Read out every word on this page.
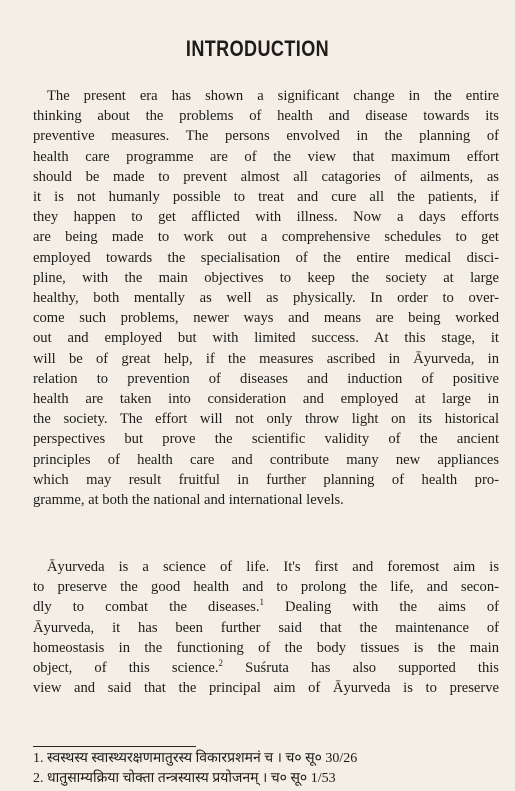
INTRODUCTION
The present era has shown a significant change in the entire
thinking about the problems of health and disease towards its
preventive measures. The persons envolved in the planning of
health care programme are of the view that maximum effort
should be made to prevent almost all catagories of ailments, as
it is not humanly possible to treat and cure all the patients, if
they happen to get afflicted with illness. Now a days efforts
are being made to work out a comprehensive schedules to get
employed towards the specialisation of the entire medical disci-
pline, with the main objectives to keep the society at large
healthy, both mentally as well as physically. In order to over-
come such problems, newer ways and means are being worked
out and employed but with limited success. At this stage, it
will be of great help, if the measures ascribed in Āyurveda, in
relation to prevention of diseases and induction of positive
health are taken into consideration and employed at large in
the society. The effort will not only throw light on its historical
perspectives but prove the scientific validity of the ancient
principles of health care and contribute many new appliances
which may result fruitful in further planning of health pro-
gramme, at both the national and international levels.
Āyurveda is a science of life. It's first and foremost aim is
to preserve the good health and to prolong the life, and secon-
dly to combat the diseases.$^1$ Dealing with the aims of
Āyurveda, it has been further said that the maintenance of
homeostasis in the functioning of the body tissues is the main
object, of this science.$^2$ Suśruta has also supported this
view and said that the principal aim of Āyurveda is to preserve
1. स्वस्थस्य स्वास्थ्यरक्षणमातुरस्य विकारप्रशमनं च । च० सू० 30/26
2. धातुसाम्यक्रिया चोक्ता तन्त्रस्यास्य प्रयोजनम् । च० सू० 1/53
